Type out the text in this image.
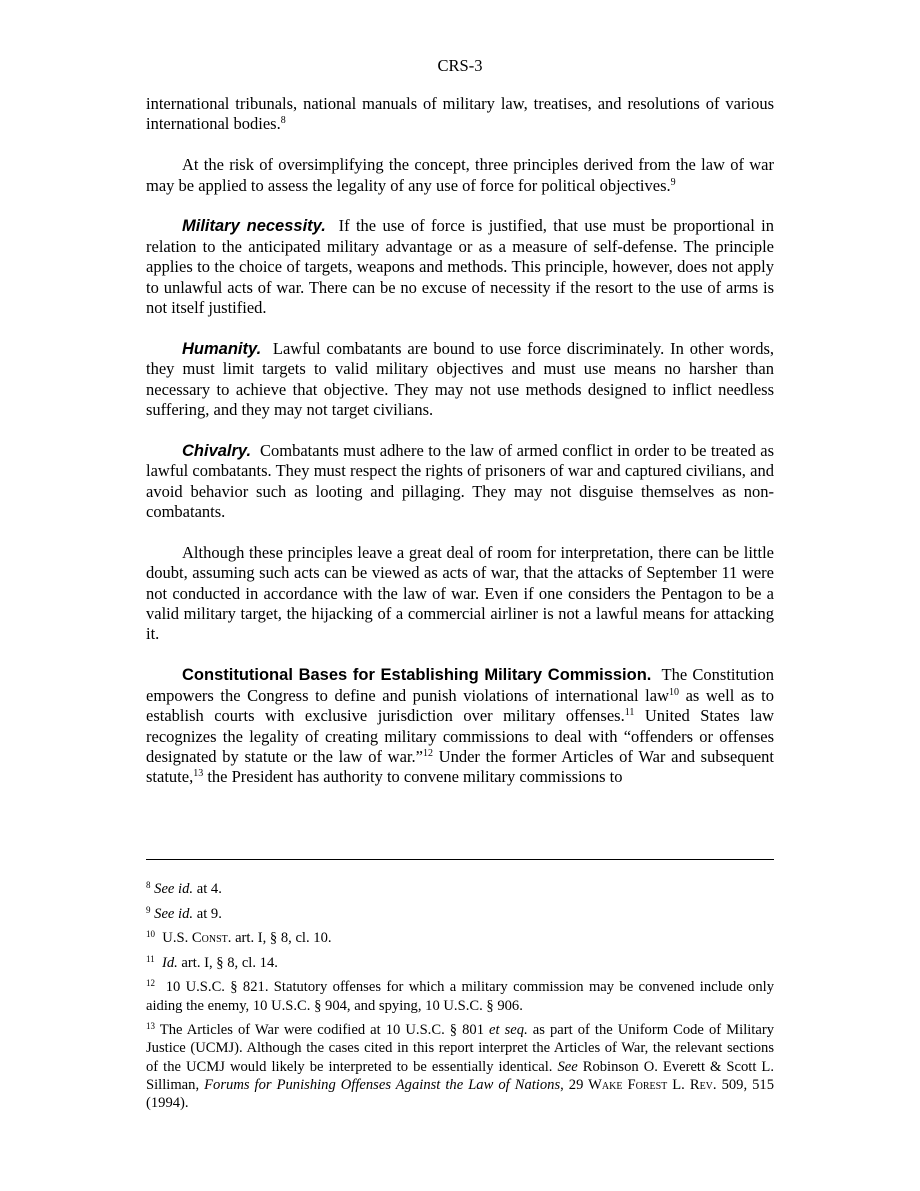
CRS-3

international tribunals, national manuals of military law, treatises, and resolutions of various international bodies.$^8$

At the risk of oversimplifying the concept, three principles derived from the law of war may be applied to assess the legality of any use of force for political objectives.$^9$

Military necessity. If the use of force is justified, that use must be proportional in relation to the anticipated military advantage or as a measure of self-defense. The principle applies to the choice of targets, weapons and methods. This principle, however, does not apply to unlawful acts of war. There can be no excuse of necessity if the resort to the use of arms is not itself justified.

Humanity. Lawful combatants are bound to use force discriminately. In other words, they must limit targets to valid military objectives and must use means no harsher than necessary to achieve that objective. They may not use methods designed to inflict needless suffering, and they may not target civilians.

Chivalry. Combatants must adhere to the law of armed conflict in order to be treated as lawful combatants. They must respect the rights of prisoners of war and captured civilians, and avoid behavior such as looting and pillaging. They may not disguise themselves as non-combatants.

Although these principles leave a great deal of room for interpretation, there can be little doubt, assuming such acts can be viewed as acts of war, that the attacks of September 11 were not conducted in accordance with the law of war. Even if one considers the Pentagon to be a valid military target, the hijacking of a commercial airliner is not a lawful means for attacking it.

Constitutional Bases for Establishing Military Commission. The Constitution empowers the Congress to define and punish violations of international law$^{10}$ as well as to establish courts with exclusive jurisdiction over military offenses.$^{11}$ United States law recognizes the legality of creating military commissions to deal with “offenders or offenses designated by statute or the law of war.”$^{12}$ Under the former Articles of War and subsequent statute,$^{13}$ the President has authority to convene military commissions to

$^8$ See id. at 4.
$^9$ See id. at 9.
$^{10}$ U.S. Const. art. I, § 8, cl. 10.
$^{11}$ Id. art. I, § 8, cl. 14.
$^{12}$ 10 U.S.C. § 821. Statutory offenses for which a military commission may be convened include only aiding the enemy, 10 U.S.C. § 904, and spying, 10 U.S.C. § 906.
$^{13}$ The Articles of War were codified at 10 U.S.C. § 801 et seq. as part of the Uniform Code of Military Justice (UCMJ). Although the cases cited in this report interpret the Articles of War, the relevant sections of the UCMJ would likely be interpreted to be essentially identical. See Robinson O. Everett & Scott L. Silliman, Forums for Punishing Offenses Against the Law of Nations, 29 Wake Forest L. Rev. 509, 515 (1994).
